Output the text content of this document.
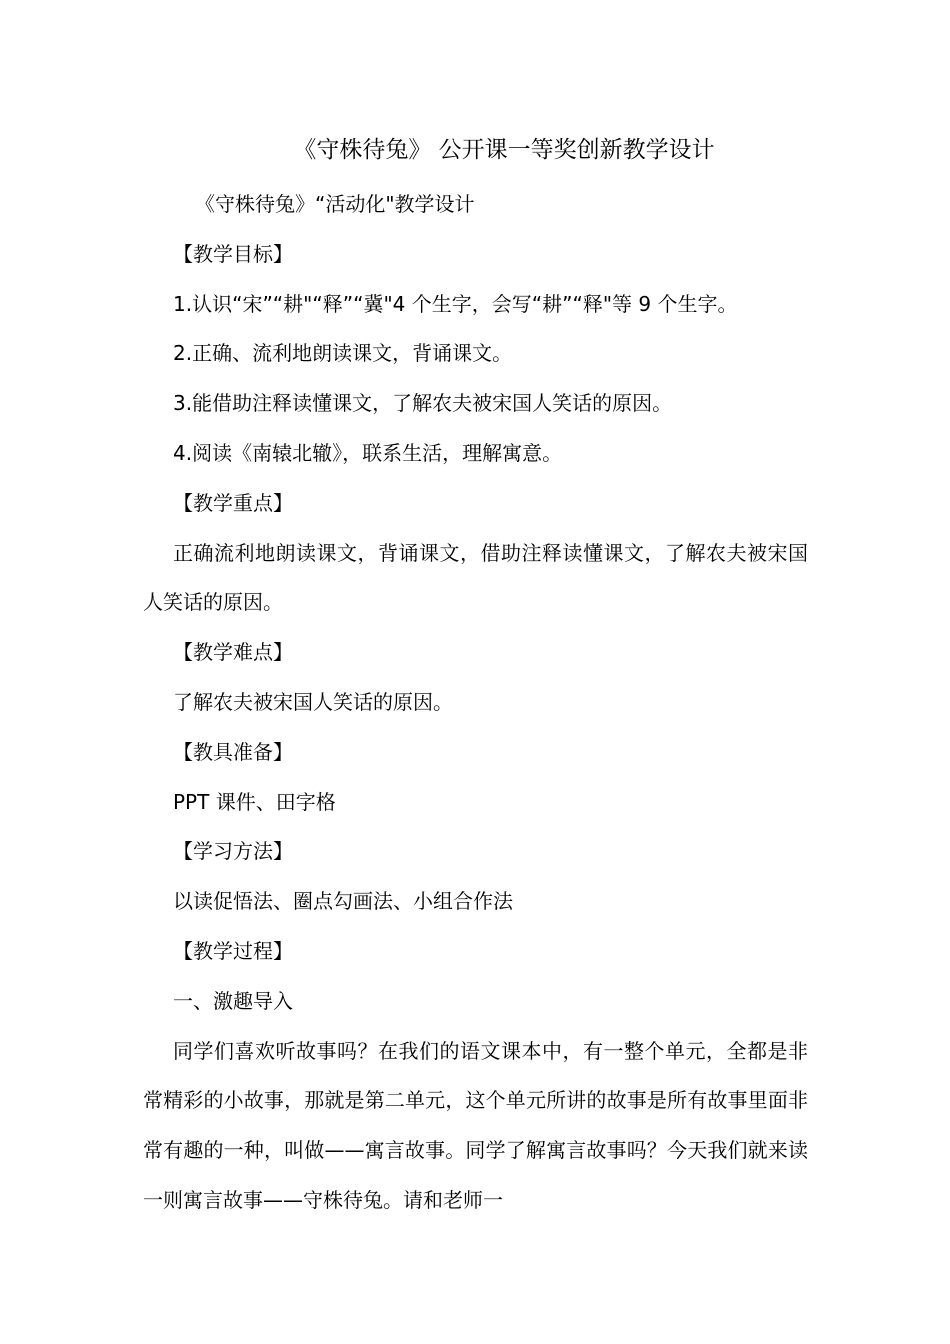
《守株待兔》 公开课一等奖创新教学设计

《守株待兔》“活动化"教学设计

【教学目标】

1.认识“宋”“耕"“释”“冀"4 个生字，会写“耕”“释"等 9 个生字。

2.正确、流利地朗读课文，背诵课文。

3.能借助注释读懂课文，了解农夫被宋国人笑话的原因。

4.阅读《南辕北辙》，联系生活，理解寓意。

【教学重点】

正确流利地朗读课文，背诵课文，借助注释读懂课文，了解农夫被宋国人笑话的原因。

【教学难点】

了解农夫被宋国人笑话的原因。

【教具准备】

PPT 课件、田字格

【学习方法】

以读促悟法、圈点勾画法、小组合作法

【教学过程】

一、激趣导入

同学们喜欢听故事吗？在我们的语文课本中，有一整个单元，全都是非常精彩的小故事，那就是第二单元，这个单元所讲的故事是所有故事里面非常有趣的一种，叫做——寓言故事。同学了解寓言故事吗？今天我们就来读一则寓言故事——守株待兔。请和老师一
